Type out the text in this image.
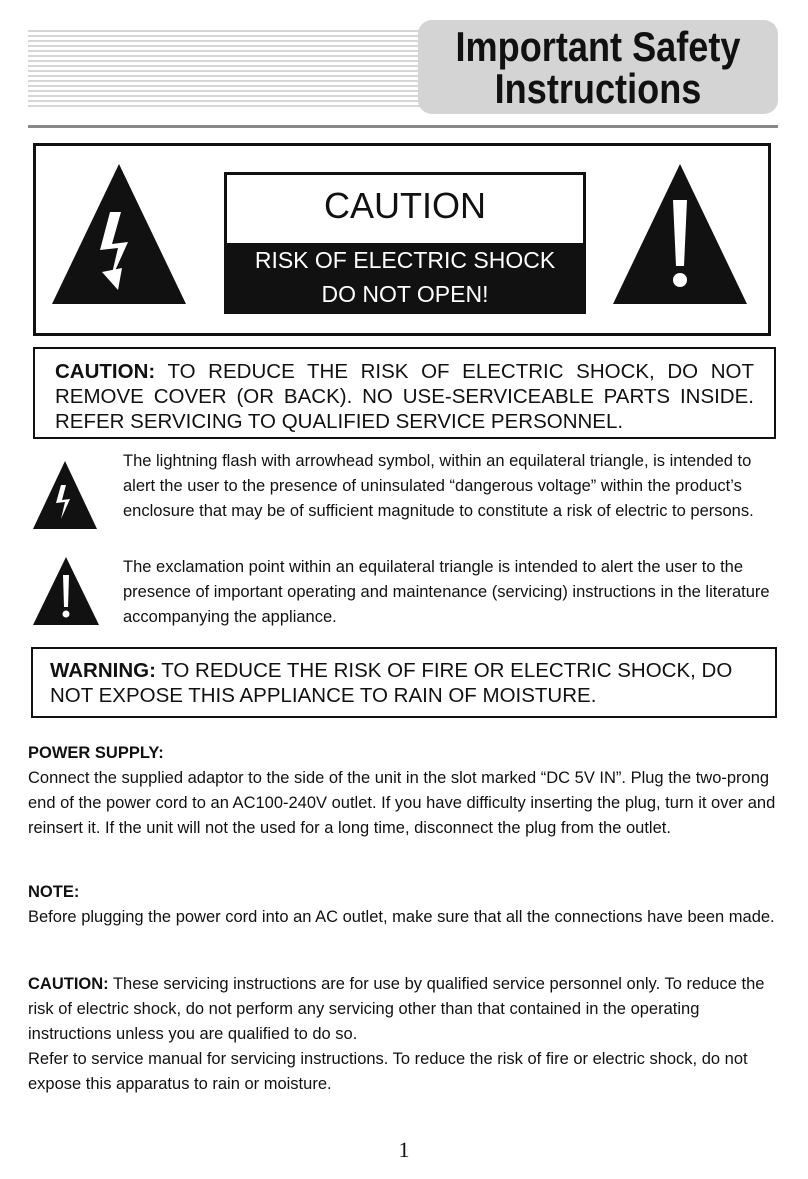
Important Safety
Instructions
CAUTION
RISK OF ELECTRIC SHOCK
DO NOT OPEN!
CAUTION: TO REDUCE THE RISK OF ELECTRIC SHOCK, DO NOT REMOVE COVER (OR BACK). NO USE-SERVICEABLE PARTS INSIDE. REFER SERVICING TO QUALIFIED SERVICE PERSONNEL.
The lightning flash with arrowhead symbol, within an equilateral triangle, is intended to alert the user to the presence of uninsulated “dangerous voltage” within the product’s enclosure that may be of sufficient magnitude to constitute a risk of electric to persons.
The exclamation point within an equilateral triangle is intended to alert the user to the presence of important operating and maintenance (servicing) instructions in the literature accompanying the appliance.
WARNING: TO REDUCE THE RISK OF FIRE OR ELECTRIC SHOCK, DO NOT EXPOSE THIS APPLIANCE TO RAIN OF MOISTURE.
POWER SUPPLY:
Connect the supplied adaptor to the side of the unit in the slot marked “DC 5V IN”. Plug the two-prong end of the power cord to an AC100-240V outlet. If you have difficulty inserting the plug, turn it over and reinsert it. If the unit will not the used for a long time, disconnect the plug from the outlet.
NOTE:
Before plugging the power cord into an AC outlet, make sure that all the connections have been made.
CAUTION: These servicing instructions are for use by qualified service personnel only. To reduce the risk of electric shock, do not perform any servicing other than that contained in the operating instructions unless you are qualified to do so.
Refer to service manual for servicing instructions. To reduce the risk of fire or electric shock, do not expose this apparatus to rain or moisture.
1
